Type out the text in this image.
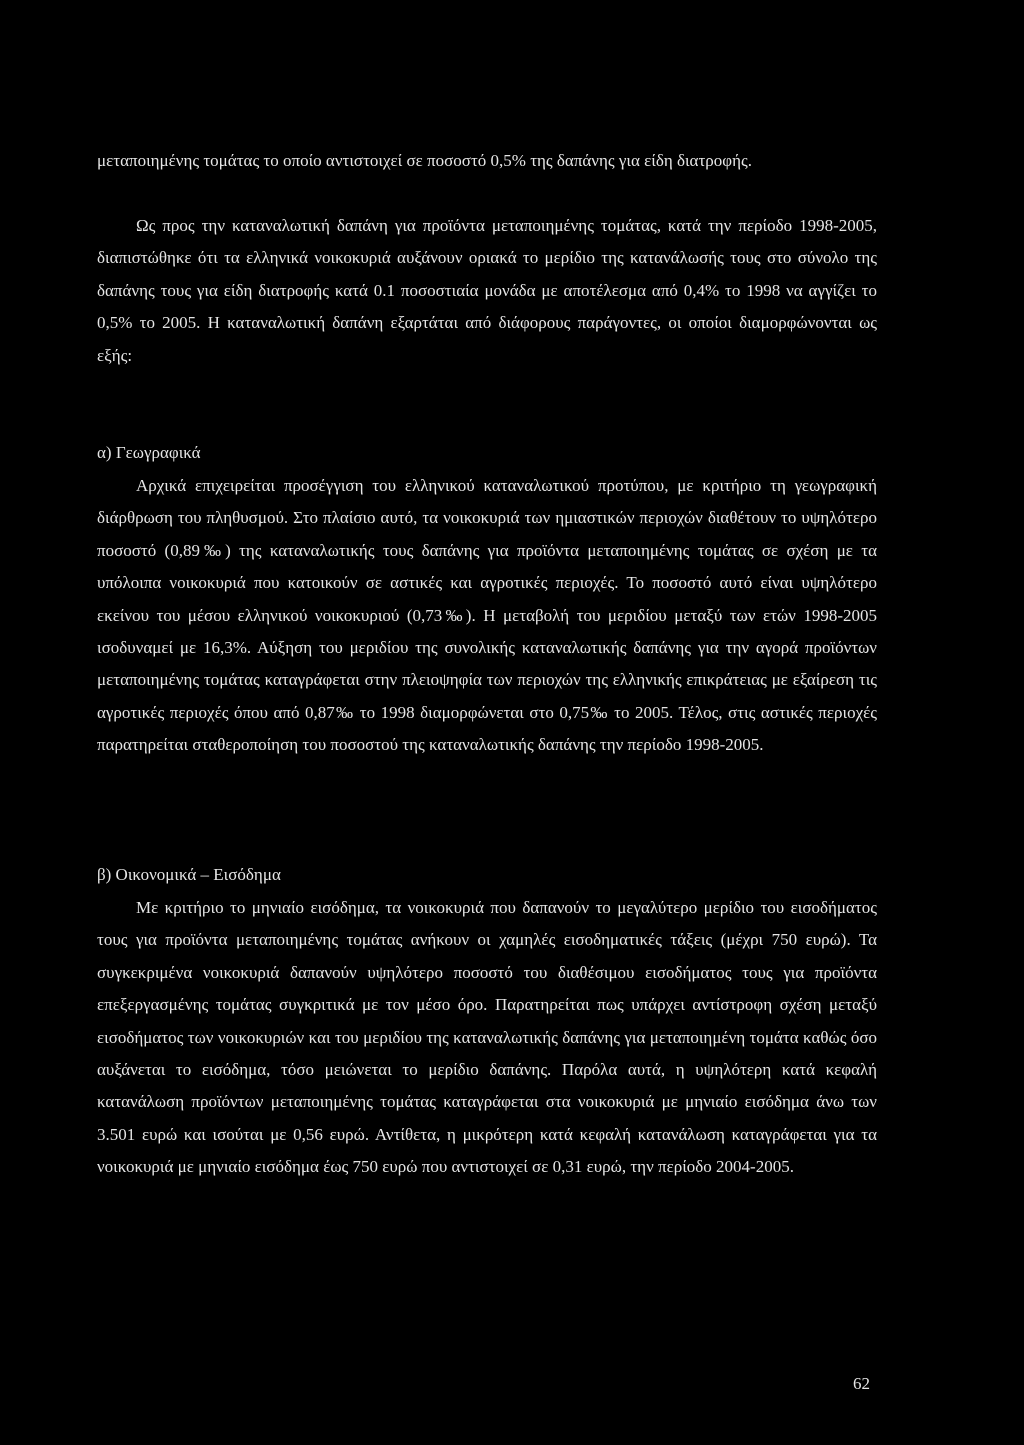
μεταποιημένης τομάτας το οποίο αντιστοιχεί σε ποσοστό 0,5% της δαπάνης για είδη διατροφής.

Ως προς την καταναλωτική δαπάνη για προϊόντα μεταποιημένης τομάτας, κατά την περίοδο 1998-2005, διαπιστώθηκε ότι τα ελληνικά νοικοκυριά αυξάνουν οριακά το μερίδιο της κατανάλωσής τους στο σύνολο της δαπάνης τους για είδη διατροφής κατά 0.1 ποσοστιαία μονάδα με αποτέλεσμα από 0,4% το 1998 να αγγίζει το 0,5% το 2005. Η καταναλωτική δαπάνη εξαρτάται από διάφορους παράγοντες, οι οποίοι διαμορφώνονται ως εξής:

α) Γεωγραφικά

Αρχικά επιχειρείται προσέγγιση του ελληνικού καταναλωτικού προτύπου, με κριτήριο τη γεωγραφική διάρθρωση του πληθυσμού. Στο πλαίσιο αυτό, τα νοικοκυριά των ημιαστικών περιοχών διαθέτουν το υψηλότερο ποσοστό (0,89‰) της καταναλωτικής τους δαπάνης για προϊόντα μεταποιημένης τομάτας σε σχέση με τα υπόλοιπα νοικοκυριά που κατοικούν σε αστικές και αγροτικές περιοχές. Το ποσοστό αυτό είναι υψηλότερο εκείνου του μέσου ελληνικού νοικοκυριού (0,73‰). Η μεταβολή του μεριδίου μεταξύ των ετών 1998-2005 ισοδυναμεί με 16,3%. Αύξηση του μεριδίου της συνολικής καταναλωτικής δαπάνης για την αγορά προϊόντων μεταποιημένης τομάτας καταγράφεται στην πλειοψηφία των περιοχών της ελληνικής επικράτειας με εξαίρεση τις αγροτικές περιοχές όπου από 0,87‰ το 1998 διαμορφώνεται στο 0,75‰ το 2005. Τέλος, στις αστικές περιοχές παρατηρείται σταθεροποίηση του ποσοστού της καταναλωτικής δαπάνης την περίοδο 1998-2005.

β) Οικονομικά – Εισόδημα

Με κριτήριο το μηνιαίο εισόδημα, τα νοικοκυριά που δαπανούν το μεγαλύτερο μερίδιο του εισοδήματος τους για προϊόντα μεταποιημένης τομάτας ανήκουν οι χαμηλές εισοδηματικές τάξεις (μέχρι 750 ευρώ). Τα συγκεκριμένα νοικοκυριά δαπανούν υψηλότερο ποσοστό του διαθέσιμου εισοδήματος τους για προϊόντα επεξεργασμένης τομάτας συγκριτικά με τον μέσο όρο. Παρατηρείται πως υπάρχει αντίστροφη σχέση μεταξύ εισοδήματος των νοικοκυριών και του μεριδίου της καταναλωτικής δαπάνης για μεταποιημένη τομάτα καθώς όσο αυξάνεται το εισόδημα, τόσο μειώνεται το μερίδιο δαπάνης. Παρόλα αυτά, η υψηλότερη κατά κεφαλή κατανάλωση προϊόντων μεταποιημένης τομάτας καταγράφεται στα νοικοκυριά με μηνιαίο εισόδημα άνω των 3.501 ευρώ και ισούται με 0,56 ευρώ. Αντίθετα, η μικρότερη κατά κεφαλή κατανάλωση καταγράφεται για τα νοικοκυριά με μηνιαίο εισόδημα έως 750 ευρώ που αντιστοιχεί σε 0,31 ευρώ, την περίοδο 2004-2005.

62
